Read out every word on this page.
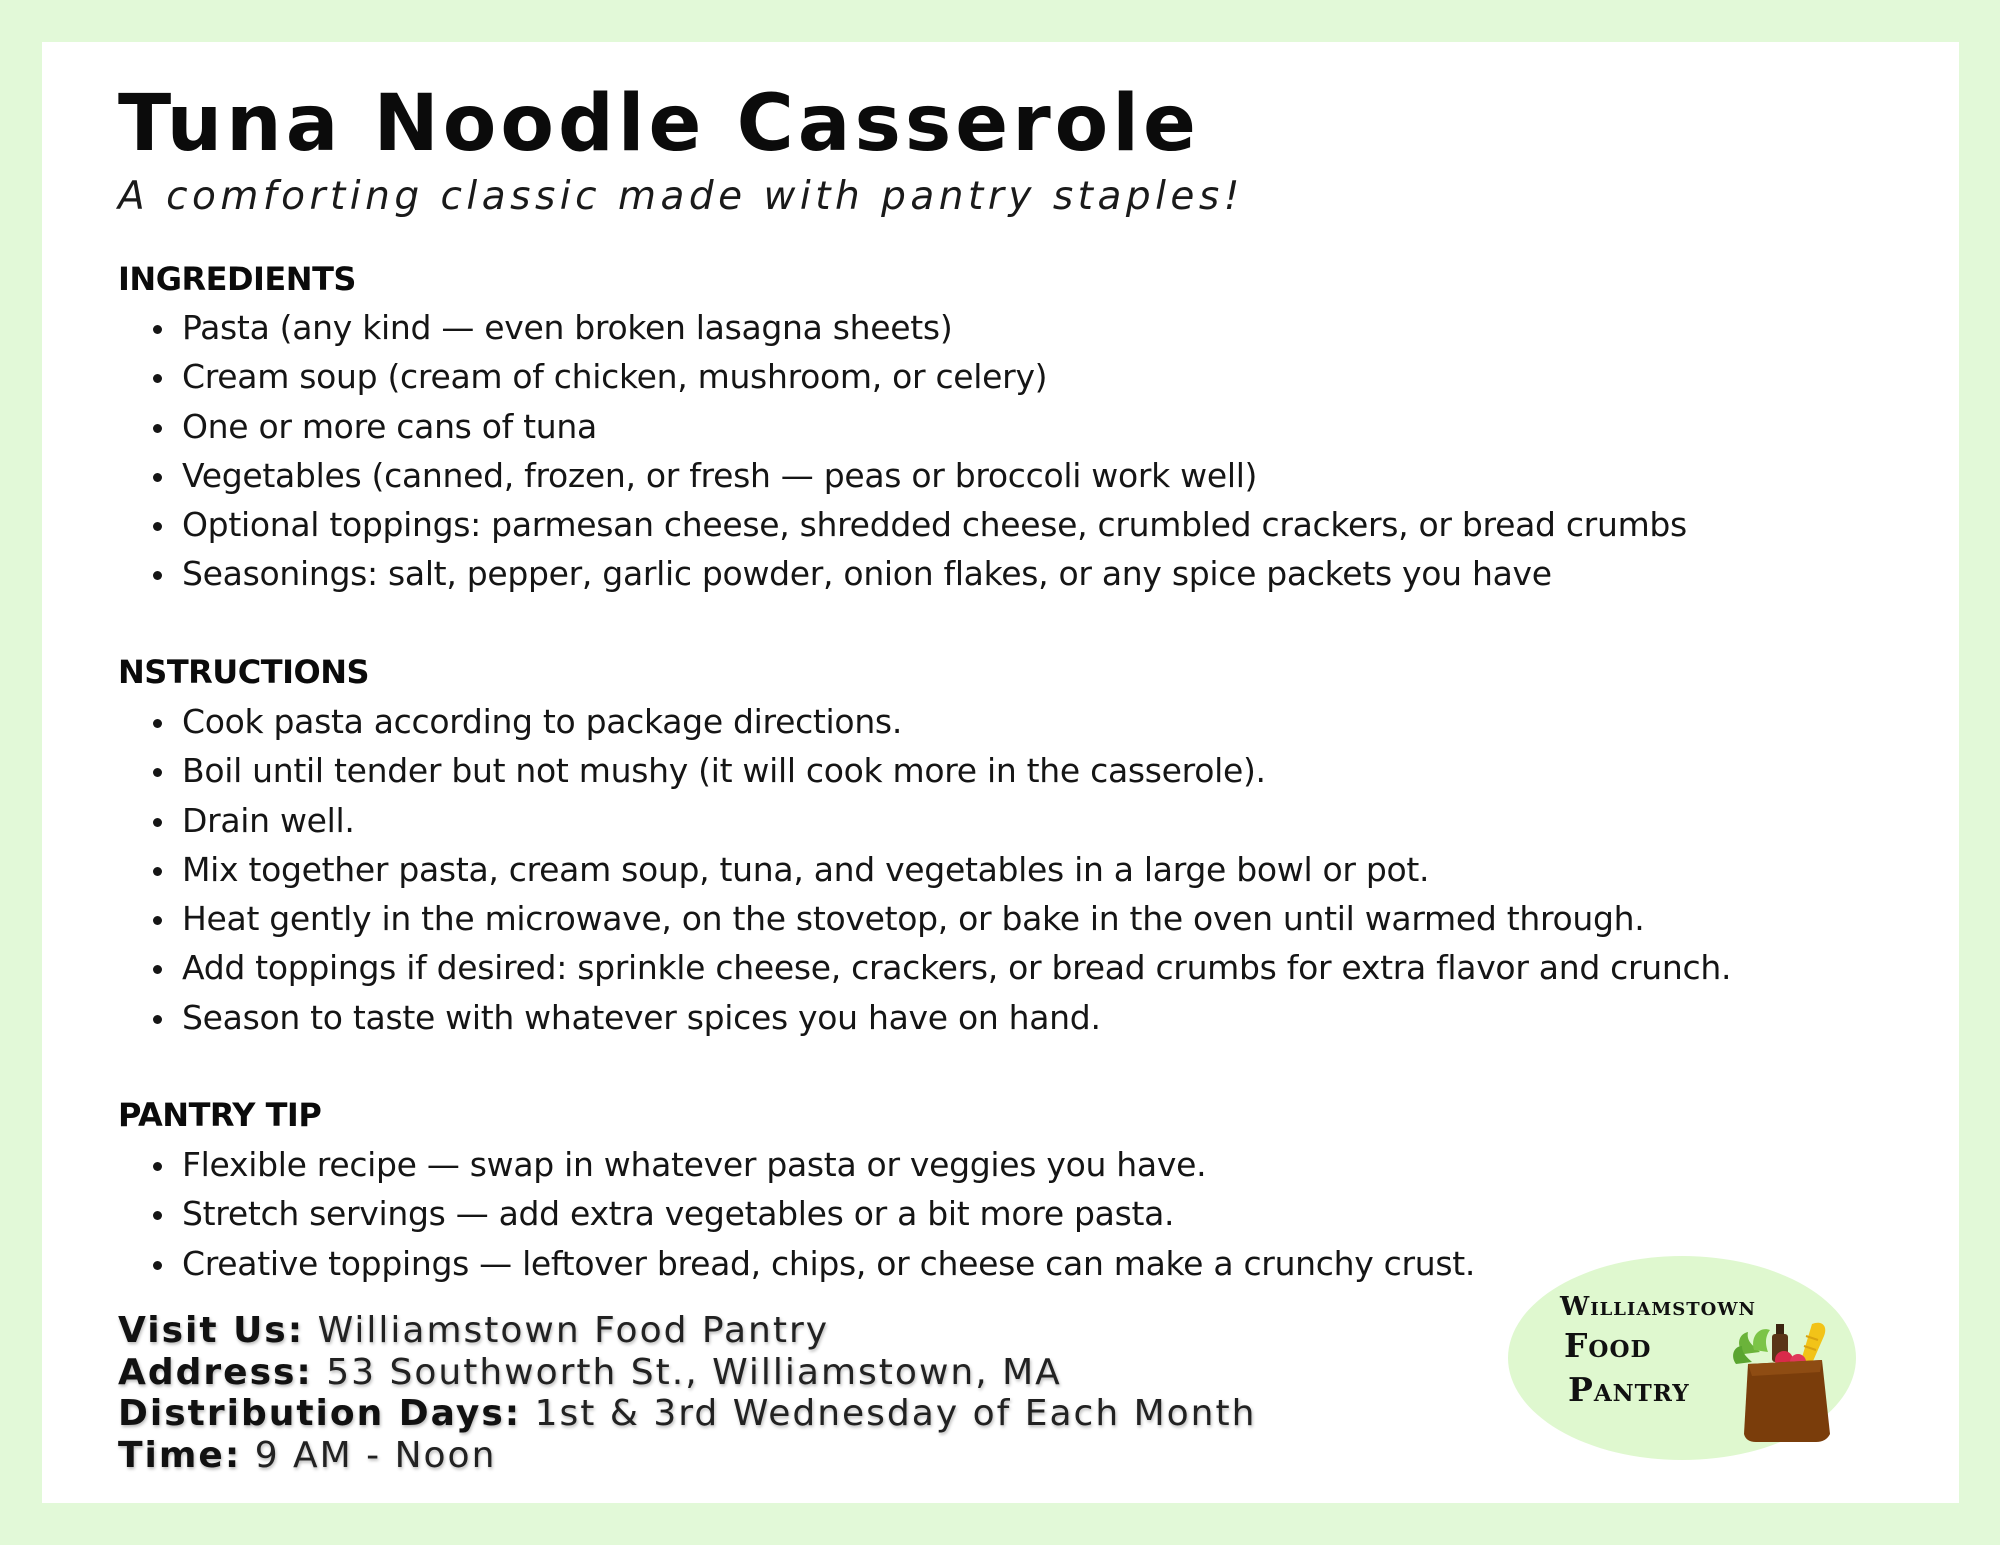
Tuna Noodle Casserole
A comforting classic made with pantry staples!
INGREDIENTS
• Pasta (any kind — even broken lasagna sheets)
• Cream soup (cream of chicken, mushroom, or celery)
• One or more cans of tuna
• Vegetables (canned, frozen, or fresh — peas or broccoli work well)
• Optional toppings: parmesan cheese, shredded cheese, crumbled crackers, or bread crumbs
• Seasonings: salt, pepper, garlic powder, onion flakes, or any spice packets you have
NSTRUCTIONS
• Cook pasta according to package directions.
• Boil until tender but not mushy (it will cook more in the casserole).
• Drain well.
• Mix together pasta, cream soup, tuna, and vegetables in a large bowl or pot.
• Heat gently in the microwave, on the stovetop, or bake in the oven until warmed through.
• Add toppings if desired: sprinkle cheese, crackers, or bread crumbs for extra flavor and crunch.
• Season to taste with whatever spices you have on hand.
PANTRY TIP
• Flexible recipe — swap in whatever pasta or veggies you have.
• Stretch servings — add extra vegetables or a bit more pasta.
• Creative toppings — leftover bread, chips, or cheese can make a crunchy crust.
Visit Us: Williamstown Food Pantry
Address: 53 Southworth St., Williamstown, MA
Distribution Days: 1st & 3rd Wednesday of Each Month
Time: 9 AM - Noon
Williamstown
Food
Pantry
